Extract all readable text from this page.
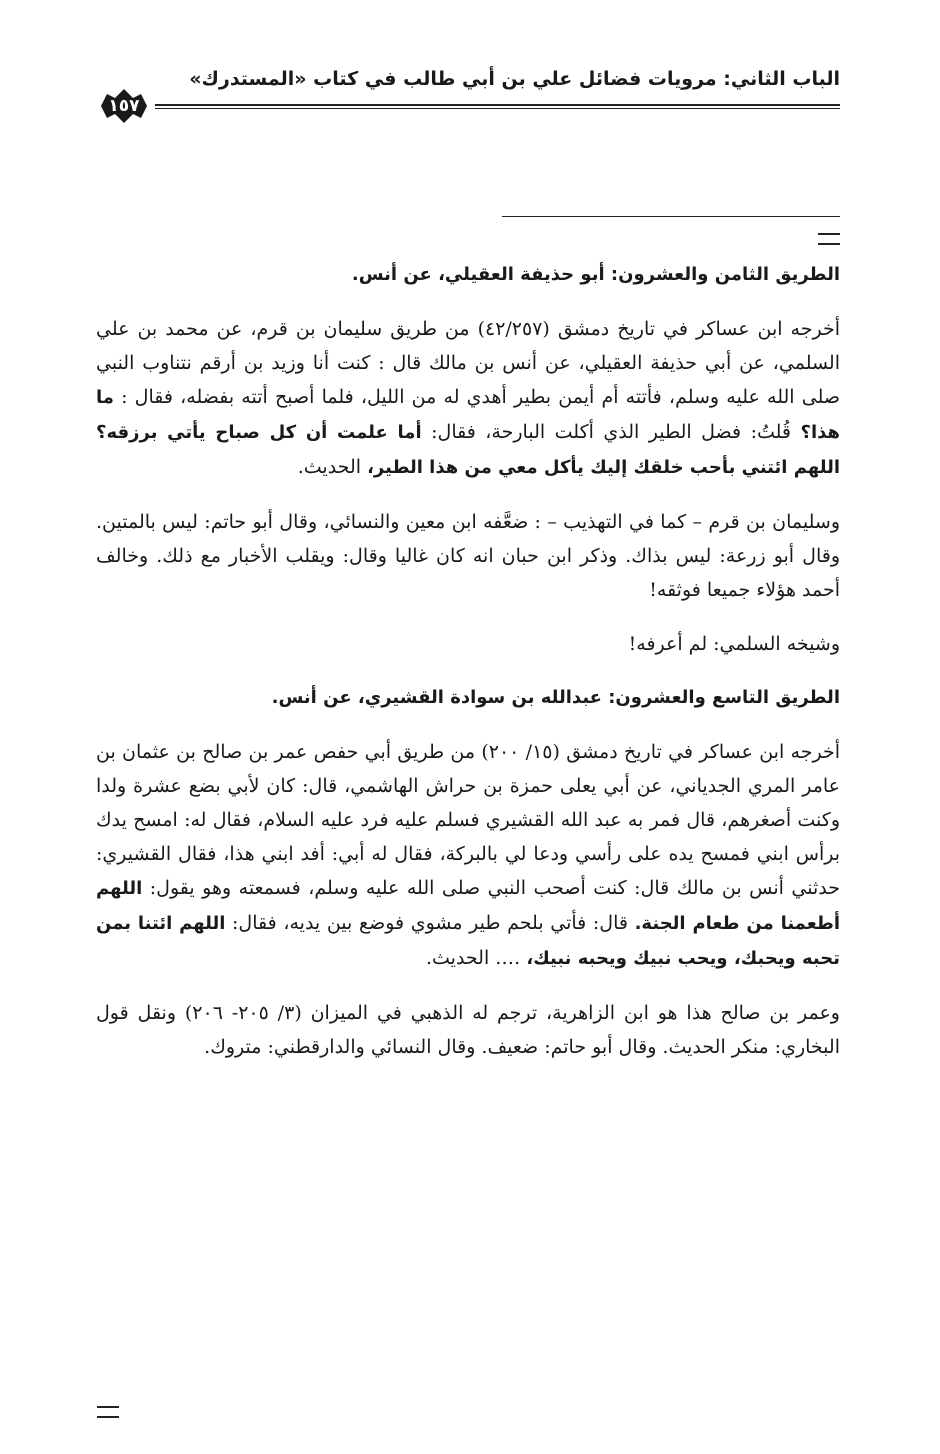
الباب الثاني: مرويات فضائل علي بن أبي طالب في كتاب «المستدرك»
١٥٧

الطريق الثامن والعشرون: أبو حذيفة العقيلي، عن أنس.

أخرجه ابن عساكر في تاريخ دمشق (٤٢/٢٥٧) من طريق سليمان بن قرم، عن محمد بن علي السلمي، عن أبي حذيفة العقيلي، عن أنس بن مالك قال : كنت أنا وزيد بن أرقم نتناوب النبي صلى الله عليه وسلم، فأتته أم أيمن بطير أهدي له من الليل، فلما أصبح أتته بفضله، فقال : ما هذا؟ قُلتُ: فضل الطير الذي أكلت البارحة، فقال: أما علمت أن كل صباح يأتي برزقه؟ اللهم ائتني بأحب خلقك إليك يأكل معي من هذا الطير، الحديث.

وسليمان بن قرم – كما في التهذيب – : ضعَّفه ابن معين والنسائي، وقال أبو حاتم: ليس بالمتين. وقال أبو زرعة: ليس بذاك. وذكر ابن حبان انه كان غاليا وقال: ويقلب الأخبار مع ذلك. وخالف أحمد هؤلاء جميعا فوثقه!

وشيخه السلمي: لم أعرفه!

الطريق التاسع والعشرون: عبدالله بن سوادة القشيري، عن أنس.

أخرجه ابن عساكر في تاريخ دمشق (١٥/ ٢٠٠) من طريق أبي حفص عمر بن صالح بن عثمان بن عامر المري الجدياني، عن أبي يعلى حمزة بن حراش الهاشمي، قال: كان لأبي بضع عشرة ولدا وكنت أصغرهم، قال فمر به عبد الله القشيري فسلم عليه فرد عليه السلام، فقال له: امسح يدك برأس ابني فمسح يده على رأسي ودعا لي بالبركة، فقال له أبي: أفد ابني هذا، فقال القشيري: حدثني أنس بن مالك قال: كنت أصحب النبي صلى الله عليه وسلم، فسمعته وهو يقول: اللهم أطعمنا من طعام الجنة. قال: فأتي بلحم طير مشوي فوضع بين يديه، فقال: اللهم ائتنا بمن تحبه ويحبك، ويحب نبيك ويحبه نبيك، …. الحديث.

وعمر بن صالح هذا هو ابن الزاهرية، ترجم له الذهبي في الميزان (٣/ ٢٠٥- ٢٠٦) ونقل قول البخاري: منكر الحديث. وقال أبو حاتم: ضعيف. وقال النسائي والدارقطني: متروك.
